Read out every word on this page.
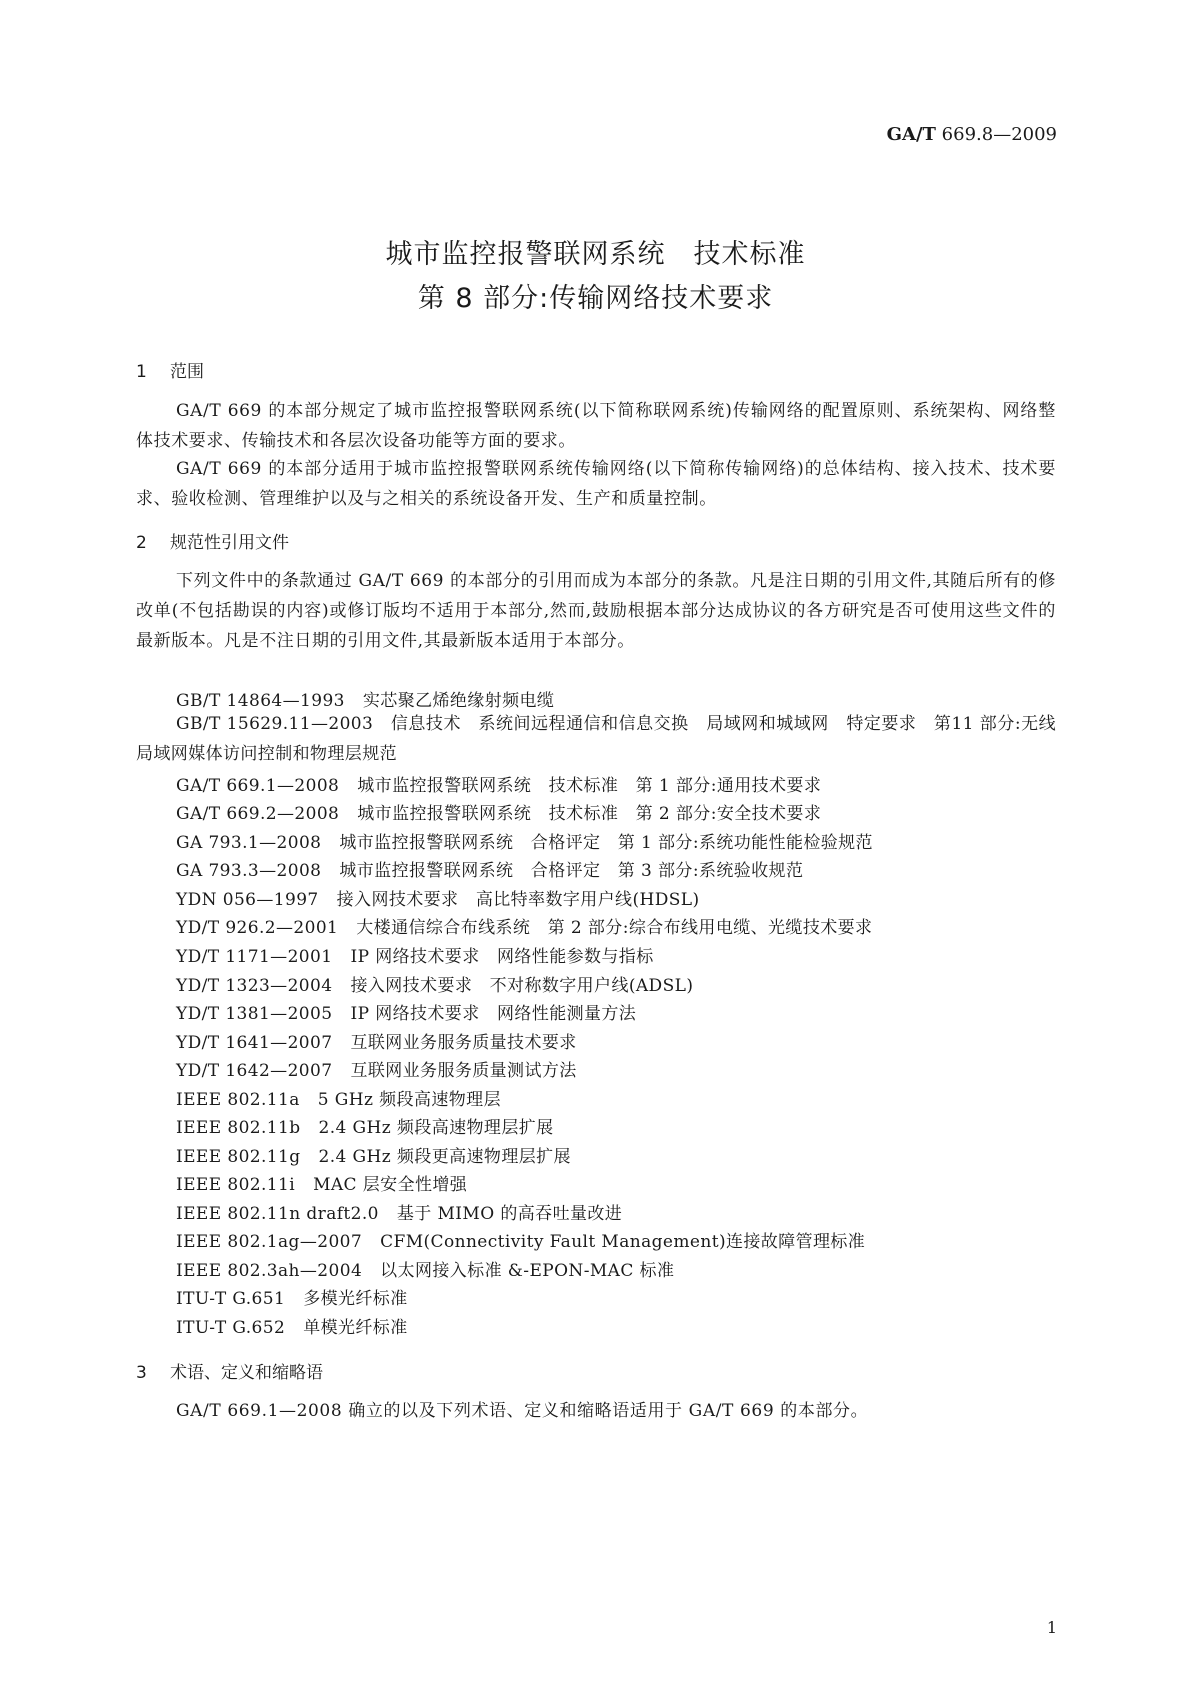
GA/T 669.8—2009
城市监控报警联网系统　技术标准
第 8 部分:传输网络技术要求
1 范围
GA/T 669 的本部分规定了城市监控报警联网系统(以下简称联网系统)传输网络的配置原则、系统架构、网络整体技术要求、传输技术和各层次设备功能等方面的要求。
GA/T 669 的本部分适用于城市监控报警联网系统传输网络(以下简称传输网络)的总体结构、接入技术、技术要求、验收检测、管理维护以及与之相关的系统设备开发、生产和质量控制。
2 规范性引用文件
下列文件中的条款通过 GA/T 669 的本部分的引用而成为本部分的条款。凡是注日期的引用文件,其随后所有的修改单(不包括勘误的内容)或修订版均不适用于本部分,然而,鼓励根据本部分达成协议的各方研究是否可使用这些文件的最新版本。凡是不注日期的引用文件,其最新版本适用于本部分。
GB/T 14864—1993 实芯聚乙烯绝缘射频电缆
GB/T 15629.11—2003　 信息技术　系统间远程通信和信息交换　局域网和城域网　特定要求　第11 部分:无线局域网媒体访问控制和物理层规范
GA/T 669.1—2008 城市监控报警联网系统　技术标准　第 1 部分:通用技术要求
GA/T 669.2—2008 城市监控报警联网系统　技术标准　第 2 部分:安全技术要求
GA 793.1—2008 城市监控报警联网系统　合格评定　第 1 部分:系统功能性能检验规范
GA 793.3—2008 城市监控报警联网系统　合格评定　第 3 部分:系统验收规范
YDN 056—1997 接入网技术要求　高比特率数字用户线(HDSL)
YD/T 926.2—2001 大楼通信综合布线系统　第 2 部分:综合布线用电缆、光缆技术要求
YD/T 1171—2001 IP 网络技术要求　网络性能参数与指标
YD/T 1323—2004 接入网技术要求　不对称数字用户线(ADSL)
YD/T 1381—2005 IP 网络技术要求　网络性能测量方法
YD/T 1641—2007 互联网业务服务质量技术要求
YD/T 1642—2007 互联网业务服务质量测试方法
IEEE 802.11a 5 GHz 频段高速物理层
IEEE 802.11b 2.4 GHz 频段高速物理层扩展
IEEE 802.11g 2.4 GHz 频段更高速物理层扩展
IEEE 802.11i MAC 层安全性增强
IEEE 802.11n draft2.0 基于 MIMO 的高吞吐量改进
IEEE 802.1ag—2007 CFM(Connectivity Fault Management)连接故障管理标准
IEEE 802.3ah—2004 以太网接入标准 &-EPON-MAC 标准
ITU-T G.651 多模光纤标准
ITU-T G.652 单模光纤标准
3 术语、定义和缩略语
GA/T 669.1—2008 确立的以及下列术语、定义和缩略语适用于 GA/T 669 的本部分。
1
